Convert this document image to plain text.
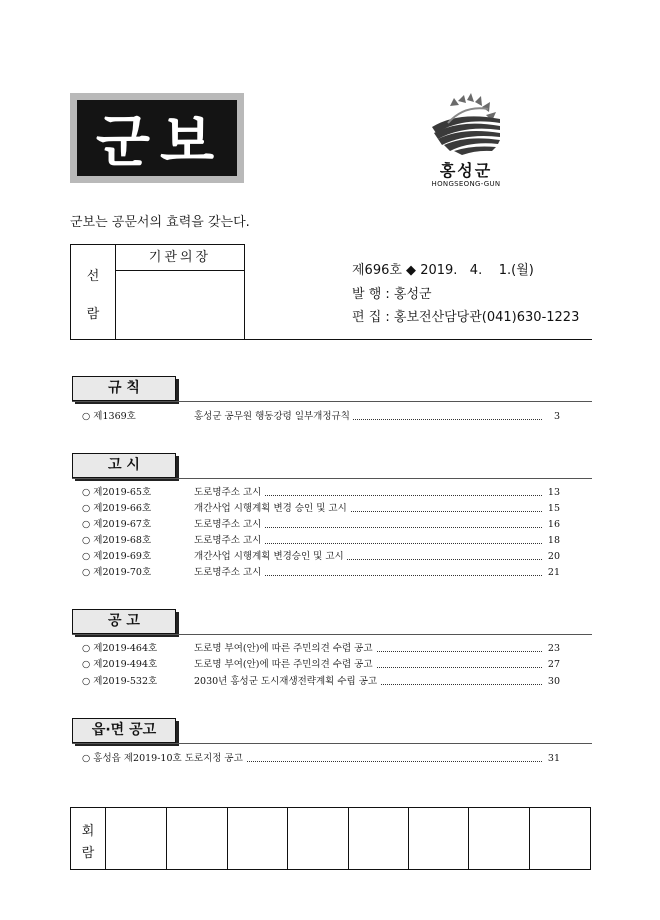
군보	홍성군
HONGSEONG-GUN
군보는 공문서의 효력을 갖는다.
선
람
기관의장
제696호 ◆ 2019.   4.    1.(월)
발 행 : 홍성군
편 집 : 홍보전산담당관(041)630-1223
규 칙
○ 제1369호	홍성군 공무원 행동강령 일부개정규칙	3
고 시
○ 제2019-65호	도로명주소 고시	13
○ 제2019-66호	개간사업 시행계획 변경 승인 및 고시	15
○ 제2019-67호	도로명주소 고시	16
○ 제2019-68호	도로명주소 고시	18
○ 제2019-69호	개간사업 시행계획 변경승인 및 고시	20
○ 제2019-70호	도로명주소 고시	21
공 고
○ 제2019-464호	도로명 부여(안)에 따른 주민의견 수렴 공고	23
○ 제2019-494호	도로명 부여(안)에 따른 주민의견 수렴 공고	27
○ 제2019-532호	2030년 홍성군 도시재생전략계획 수립 공고	30
읍·면 공고
○ 홍성읍 제2019-10호 도로지정 공고	31
회
람
